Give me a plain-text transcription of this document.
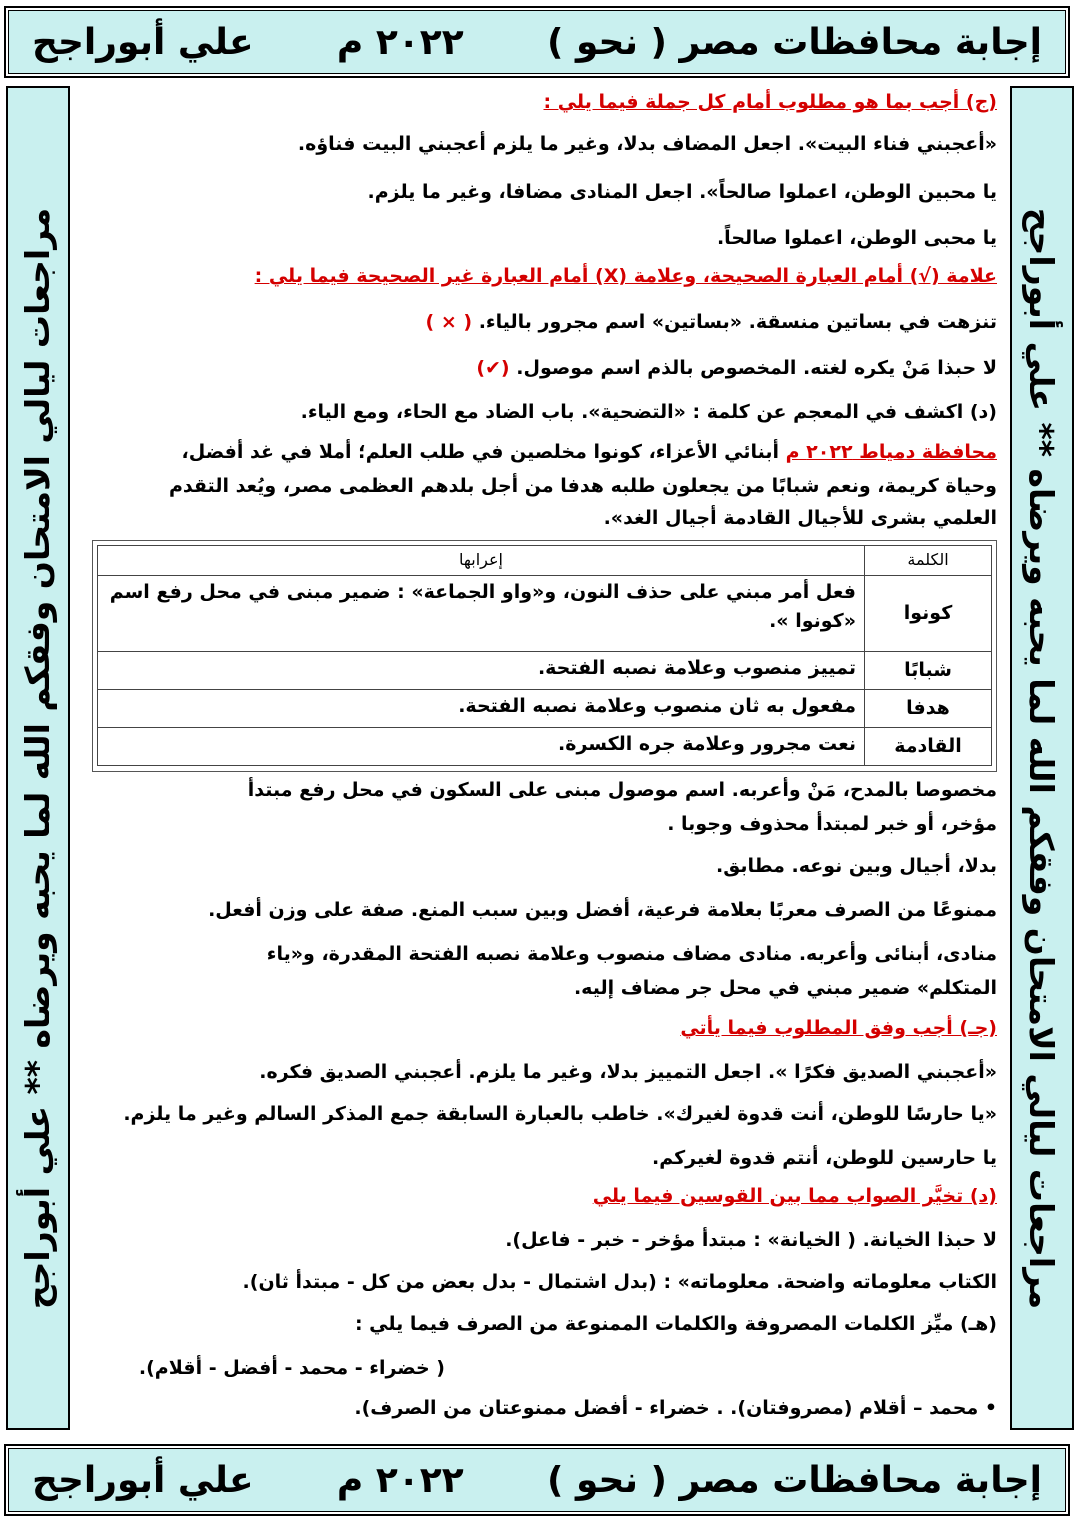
إجابة محافظات مصر ( نحو )
٢٠٢٢ م
علي أبوراجح
مراجعات ليالي الامتحان وفقكم الله لما يحبه ويرضاه ** علي أبوراجح
مراجعات ليالي الامتحان وفقكم الله لما يحبه ويرضاه ** علي أبوراجح
(ج) أجب بما هو مطلوب أمام كل جملة فيما يلي :
«أعجبني فناء البيت». اجعل المضاف بدلا، وغير ما يلزم أعجبني البيت فناؤه.
يا محبين الوطن، اعملوا صالحاً». اجعل المنادى مضافا، وغير ما يلزم.
يا محبى الوطن، اعملوا صالحاً.
علامة (√) أمام العبارة الصحيحة، وعلامة (X) أمام العبارة غير الصحيحة فيما يلي :
تنزهت في بساتين منسقة. «بساتين» اسم مجرور بالياء. ( × )
لا حبذا مَنْ يكره لغته. المخصوص بالذم اسم موصول. (✔)
(د) اكشف في المعجم عن كلمة : «التضحية». باب الضاد مع الحاء، ومع الياء.
محافظة دمياط ٢٠٢٢ م أبنائي الأعزاء، كونوا مخلصين في طلب العلم؛ أملا في غد أفضل،
وحياة كريمة، ونعم شبابًا من يجعلون طلبه هدفا من أجل بلدهم العظمى مصر، ويُعد التقدم
العلمي بشرى للأجيال القادمة أجيال الغد».
الكلمة	إعرابها
كونوا	فعل أمر مبني على حذف النون، و«واو الجماعة» : ضمير مبنى في محل رفع اسم «كونوا ».
شبابًا	تمييز منصوب وعلامة نصبه الفتحة.
هدفا	مفعول به ثان منصوب وعلامة نصبه الفتحة.
القادمة	نعت مجرور وعلامة جره الكسرة.
مخصوصا بالمدح، مَنْ وأعربه. اسم موصول مبنى على السكون في محل رفع مبتدأ
مؤخر، أو خبر لمبتدأ محذوف وجوبا .
بدلا، أجيال وبين نوعه. مطابق.
ممنوعًا من الصرف معربًا بعلامة فرعية، أفضل وبين سبب المنع. صفة على وزن أفعل.
منادى، أبنائى وأعربه. منادى مضاف منصوب وعلامة نصبه الفتحة المقدرة، و«ياء
المتكلم» ضمير مبني في محل جر مضاف إليه.
(جـ) أجب وفق المطلوب فيما يأتي
«أعجبني الصديق فكرًا ». اجعل التمييز بدلا، وغير ما يلزم. أعجبني الصديق فكره.
«يا حارسًا للوطن، أنت قدوة لغيرك». خاطب بالعبارة السابقة جمع المذكر السالم وغير ما يلزم.
يا حارسين للوطن، أنتم قدوة لغيركم.
(د) تخيَّر الصواب مما بين القوسين فيما يلي
لا حبذا الخيانة. ( الخيانة» : مبتدأ مؤخر - خبر - فاعل).
الكتاب معلوماته واضحة. معلوماته» : (بدل اشتمال - بدل بعض من كل - مبتدأ ثان).
(هـ) ميِّز الكلمات المصروفة والكلمات الممنوعة من الصرف فيما يلي :
( خضراء - محمد - أفضل - أقلام).
• محمد – أقلام (مصروفتان). . خضراء - أفضل ممنوعتان من الصرف).
إجابة محافظات مصر ( نحو )
٢٠٢٢ م
علي أبوراجح
